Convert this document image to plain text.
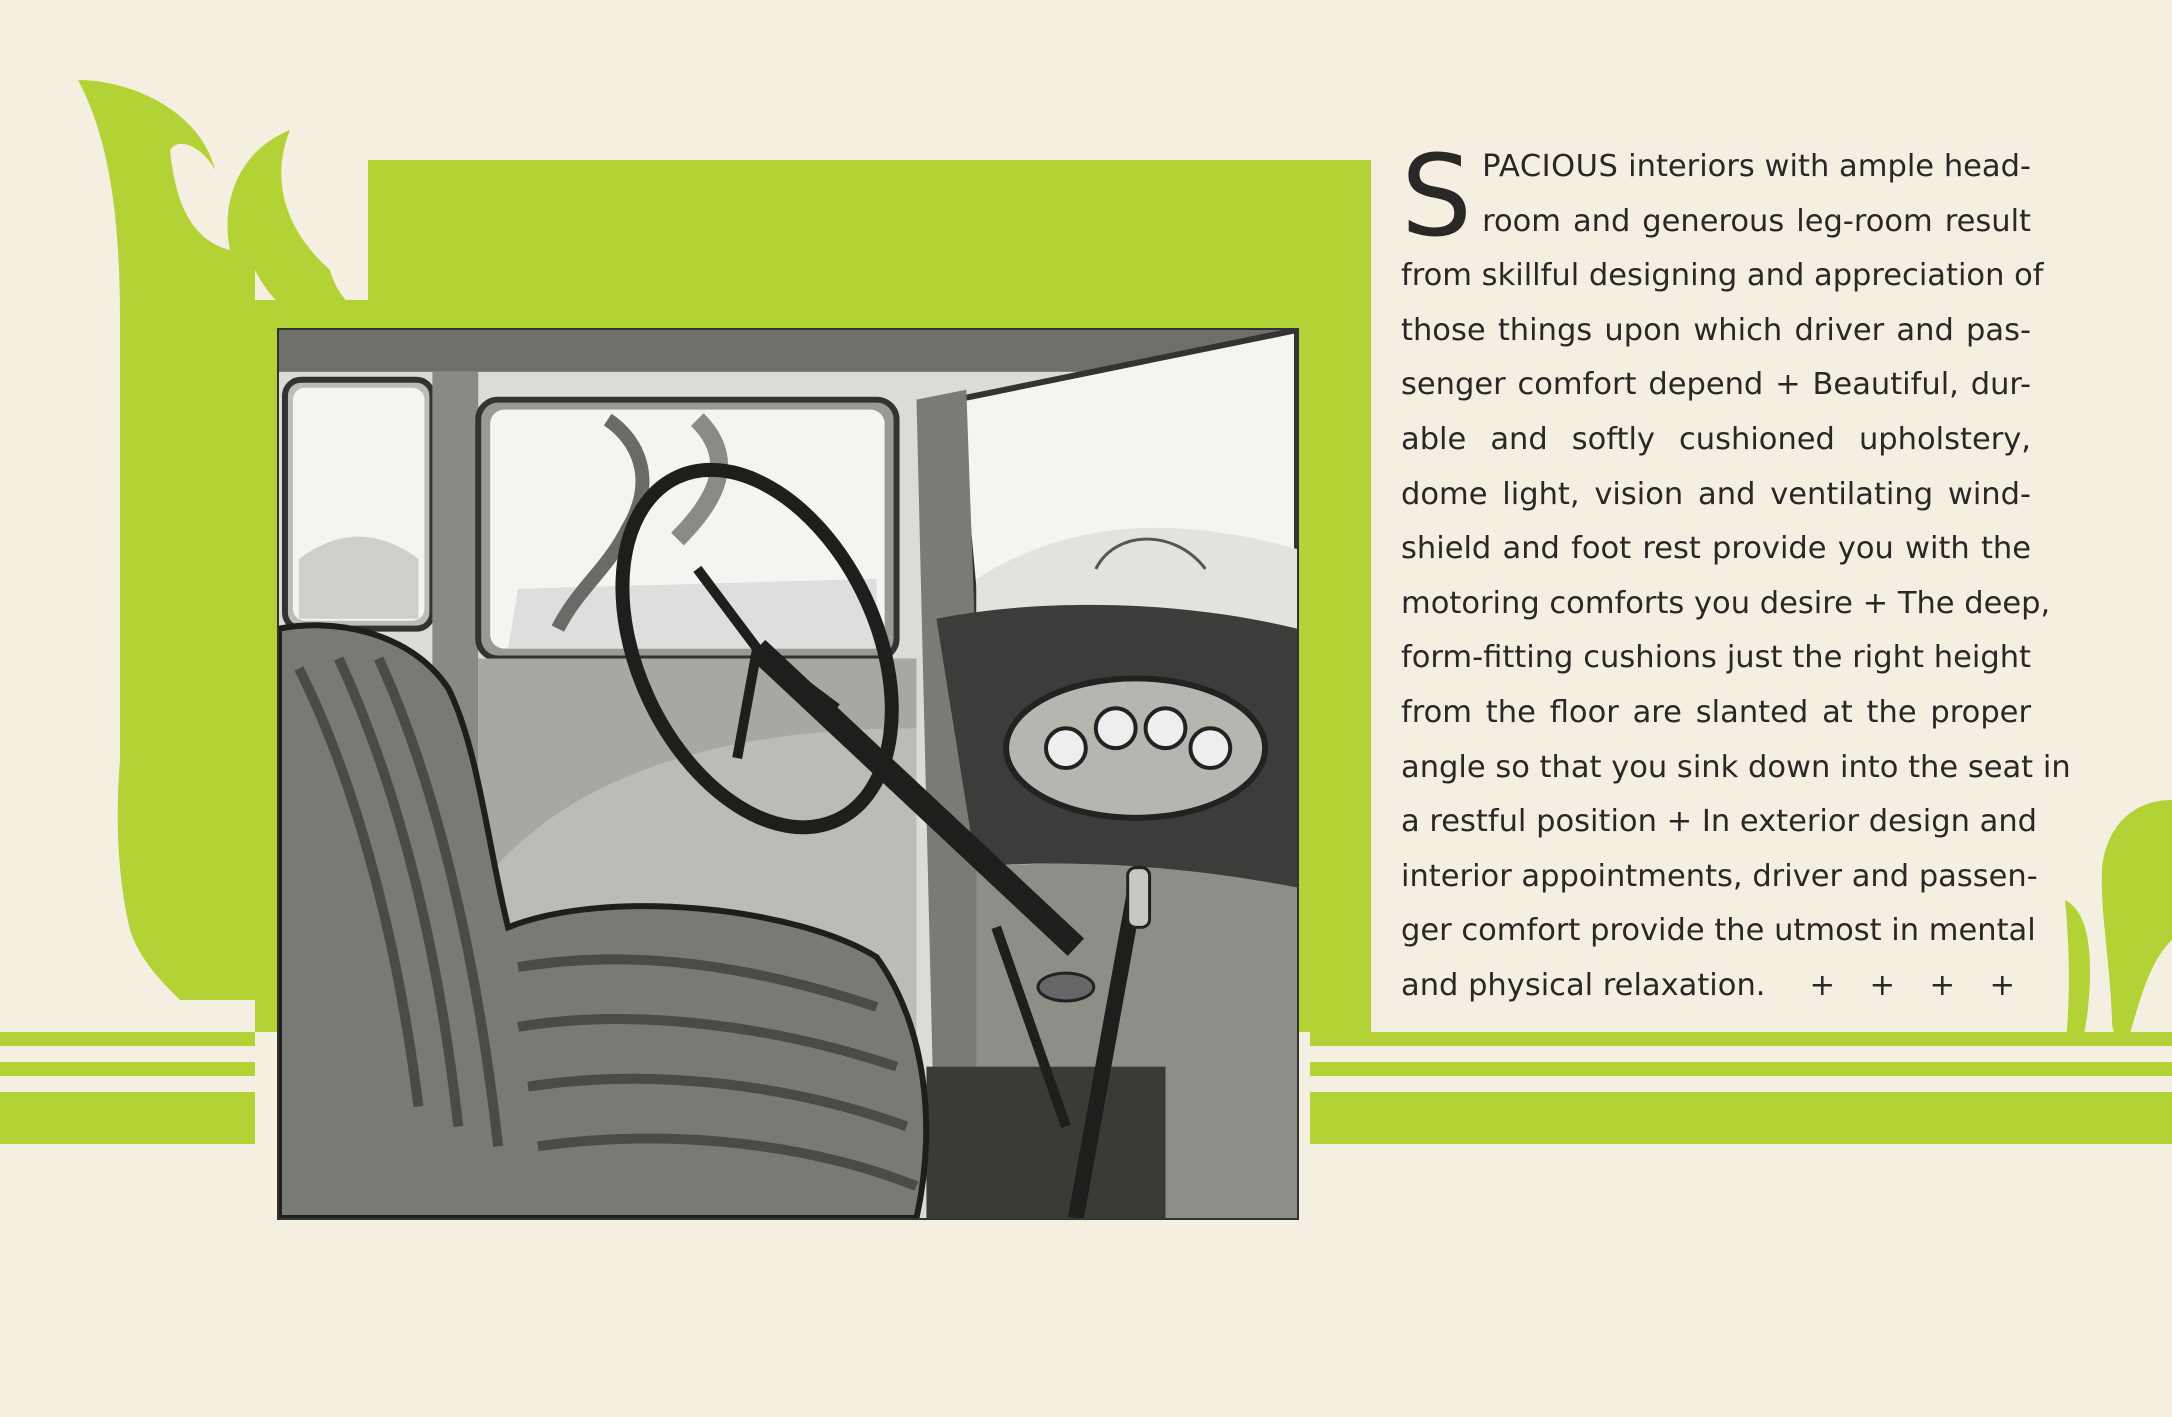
S PACIOUS interiors with ample head-
room and generous leg-room result
from skillful designing and appreciation of
those things upon which driver and pas-
senger comfort depend + Beautiful, dur-
able and softly cushioned upholstery,
dome light, vision and ventilating wind-
shield and foot rest provide you with the
motoring comforts you desire + The deep,
form-fitting cushions just the right height
from the floor are slanted at the proper
angle so that you sink down into the seat in
a restful position + In exterior design and
interior appointments, driver and passen-
ger comfort provide the utmost in mental
and physical relaxation. + + + +
